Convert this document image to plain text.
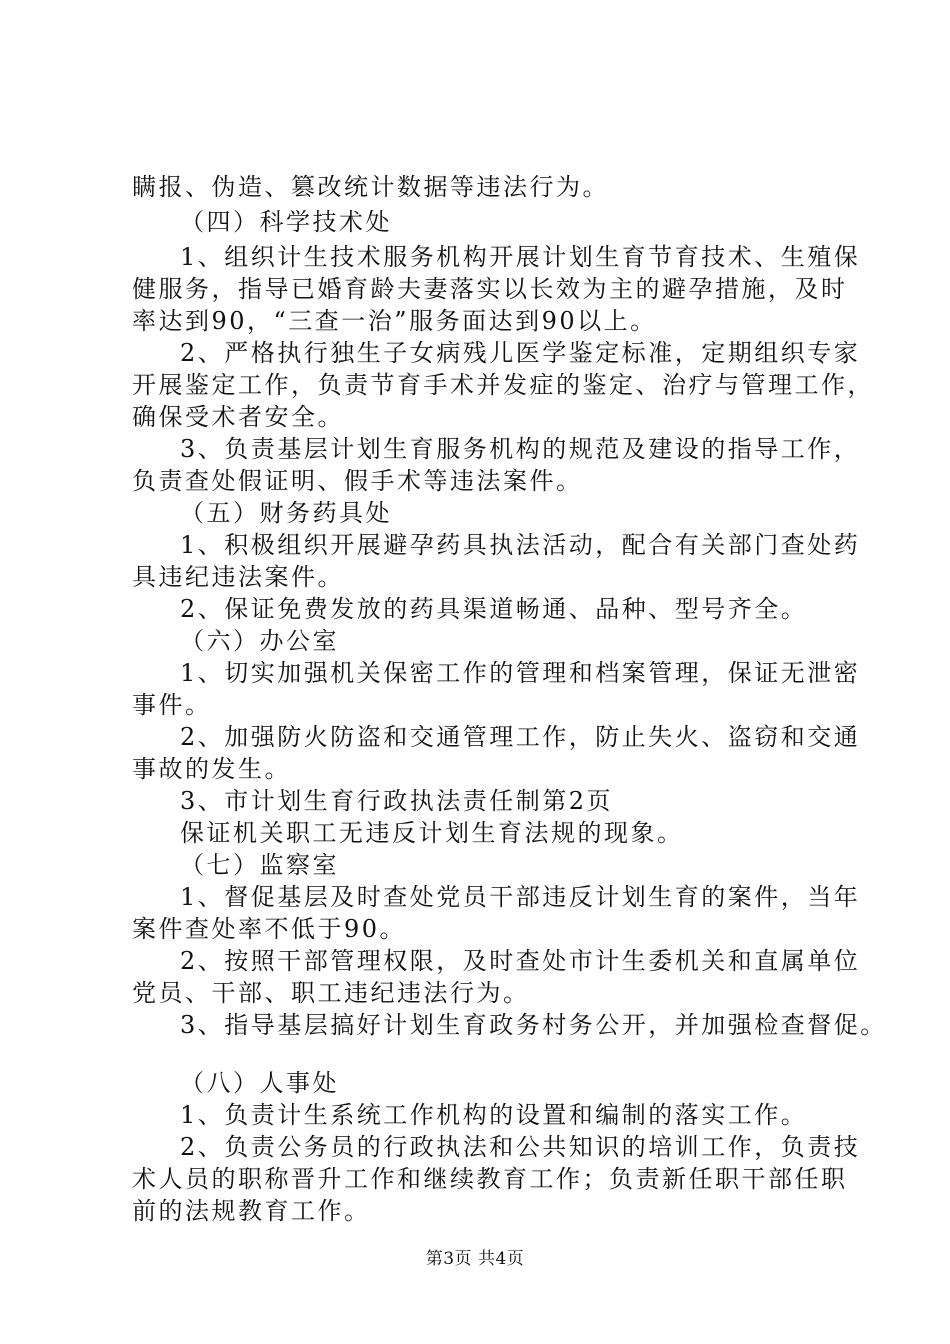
瞒报、伪造、篡改统计数据等违法行为。
（四）科学技术处
1、组织计生技术服务机构开展计划生育节育技术、生殖保
健服务，指导已婚育龄夫妻落实以长效为主的避孕措施，及时
率达到90，“三查一治”服务面达到90以上。
2、严格执行独生子女病残儿医学鉴定标准，定期组织专家
开展鉴定工作，负责节育手术并发症的鉴定、治疗与管理工作，
确保受术者安全。
3、负责基层计划生育服务机构的规范及建设的指导工作，
负责查处假证明、假手术等违法案件。
（五）财务药具处
1、积极组织开展避孕药具执法活动，配合有关部门查处药
具违纪违法案件。
2、保证免费发放的药具渠道畅通、品种、型号齐全。
（六）办公室
1、切实加强机关保密工作的管理和档案管理，保证无泄密
事件。
2、加强防火防盗和交通管理工作，防止失火、盗窃和交通
事故的发生。
3、市计划生育行政执法责任制第2页
保证机关职工无违反计划生育法规的现象。
（七）监察室
1、督促基层及时查处党员干部违反计划生育的案件，当年
案件查处率不低于90。
2、按照干部管理权限，及时查处市计生委机关和直属单位
党员、干部、职工违纪违法行为。
3、指导基层搞好计划生育政务村务公开，并加强检查督促。
（八）人事处
1、负责计生系统工作机构的设置和编制的落实工作。
2、负责公务员的行政执法和公共知识的培训工作，负责技
术人员的职称晋升工作和继续教育工作；负责新任职干部任职
前的法规教育工作。
第3页 共4页
